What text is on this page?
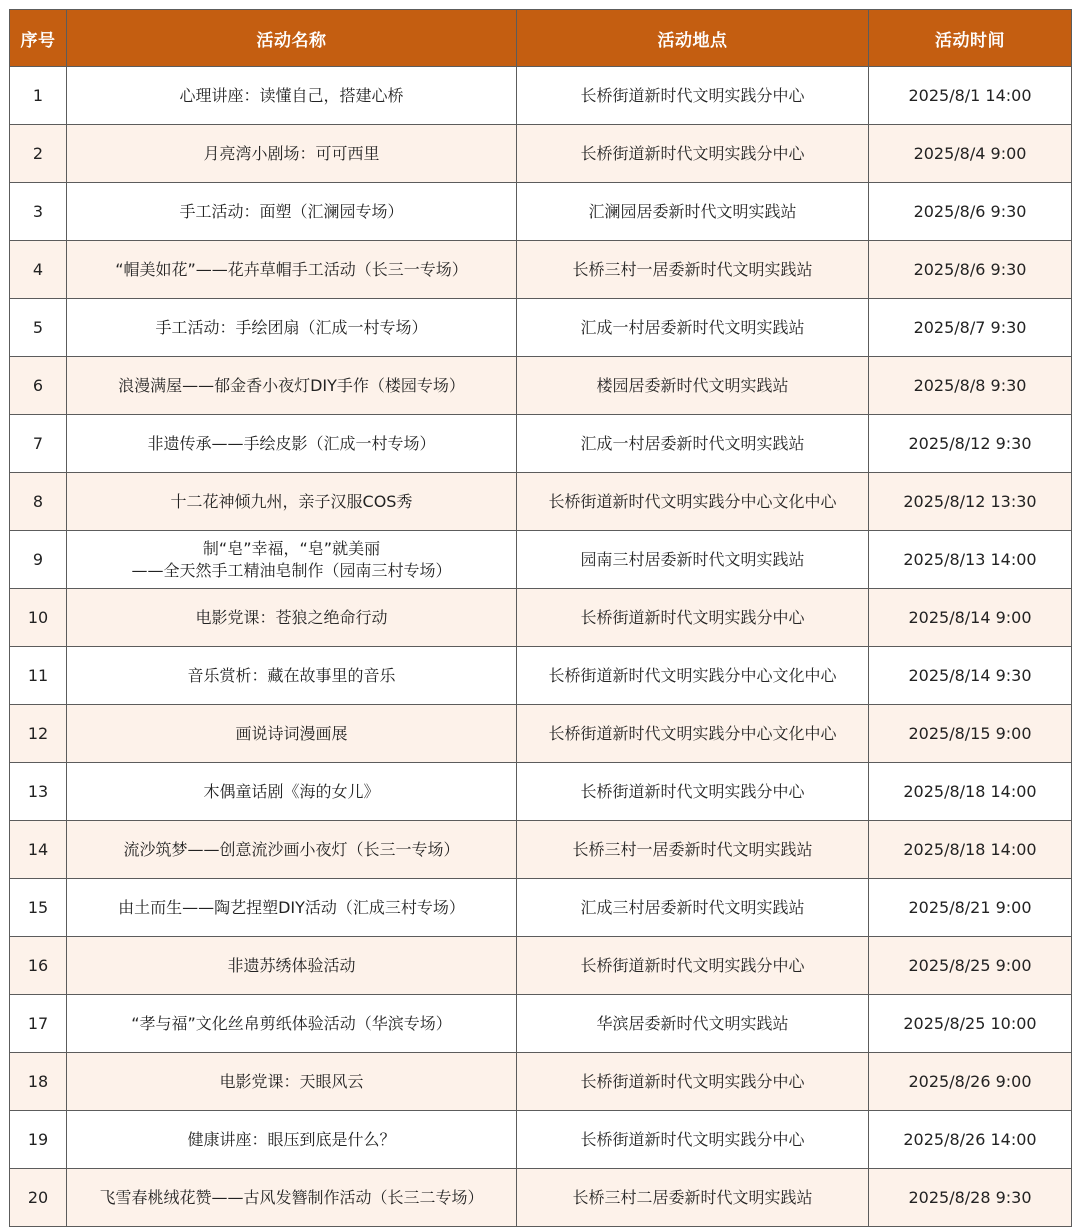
序号	活动名称	活动地点	活动时间
1	心理讲座：读懂自己，搭建心桥	长桥街道新时代文明实践分中心	2025/8/1 14:00
2	月亮湾小剧场：可可西里	长桥街道新时代文明实践分中心	2025/8/4 9:00
3	手工活动：面塑（汇澜园专场）	汇澜园居委新时代文明实践站	2025/8/6 9:30
4	“帽美如花”——花卉草帽手工活动（长三一专场）	长桥三村一居委新时代文明实践站	2025/8/6 9:30
5	手工活动：手绘团扇（汇成一村专场）	汇成一村居委新时代文明实践站	2025/8/7 9:30
6	浪漫满屋——郁金香小夜灯DIY手作（楼园专场）	楼园居委新时代文明实践站	2025/8/8 9:30
7	非遗传承——手绘皮影（汇成一村专场）	汇成一村居委新时代文明实践站	2025/8/12 9:30
8	十二花神倾九州，亲子汉服COS秀	长桥街道新时代文明实践分中心文化中心	2025/8/12 13:30
9	制“皂”幸福，“皂”就美丽
——全天然手工精油皂制作（园南三村专场）	园南三村居委新时代文明实践站	2025/8/13 14:00
10	电影党课：苍狼之绝命行动	长桥街道新时代文明实践分中心	2025/8/14 9:00
11	音乐赏析：藏在故事里的音乐	长桥街道新时代文明实践分中心文化中心	2025/8/14 9:30
12	画说诗词漫画展	长桥街道新时代文明实践分中心文化中心	2025/8/15 9:00
13	木偶童话剧《海的女儿》	长桥街道新时代文明实践分中心	2025/8/18 14:00
14	流沙筑梦——创意流沙画小夜灯（长三一专场）	长桥三村一居委新时代文明实践站	2025/8/18 14:00
15	由土而生——陶艺捏塑DIY活动（汇成三村专场）	汇成三村居委新时代文明实践站	2025/8/21 9:00
16	非遗苏绣体验活动	长桥街道新时代文明实践分中心	2025/8/25 9:00
17	“孝与福”文化丝帛剪纸体验活动（华滨专场）	华滨居委新时代文明实践站	2025/8/25 10:00
18	电影党课：天眼风云	长桥街道新时代文明实践分中心	2025/8/26 9:00
19	健康讲座：眼压到底是什么？	长桥街道新时代文明实践分中心	2025/8/26 14:00
20	飞雪春桃绒花赞——古风发簪制作活动（长三二专场）	长桥三村二居委新时代文明实践站	2025/8/28 9:30
